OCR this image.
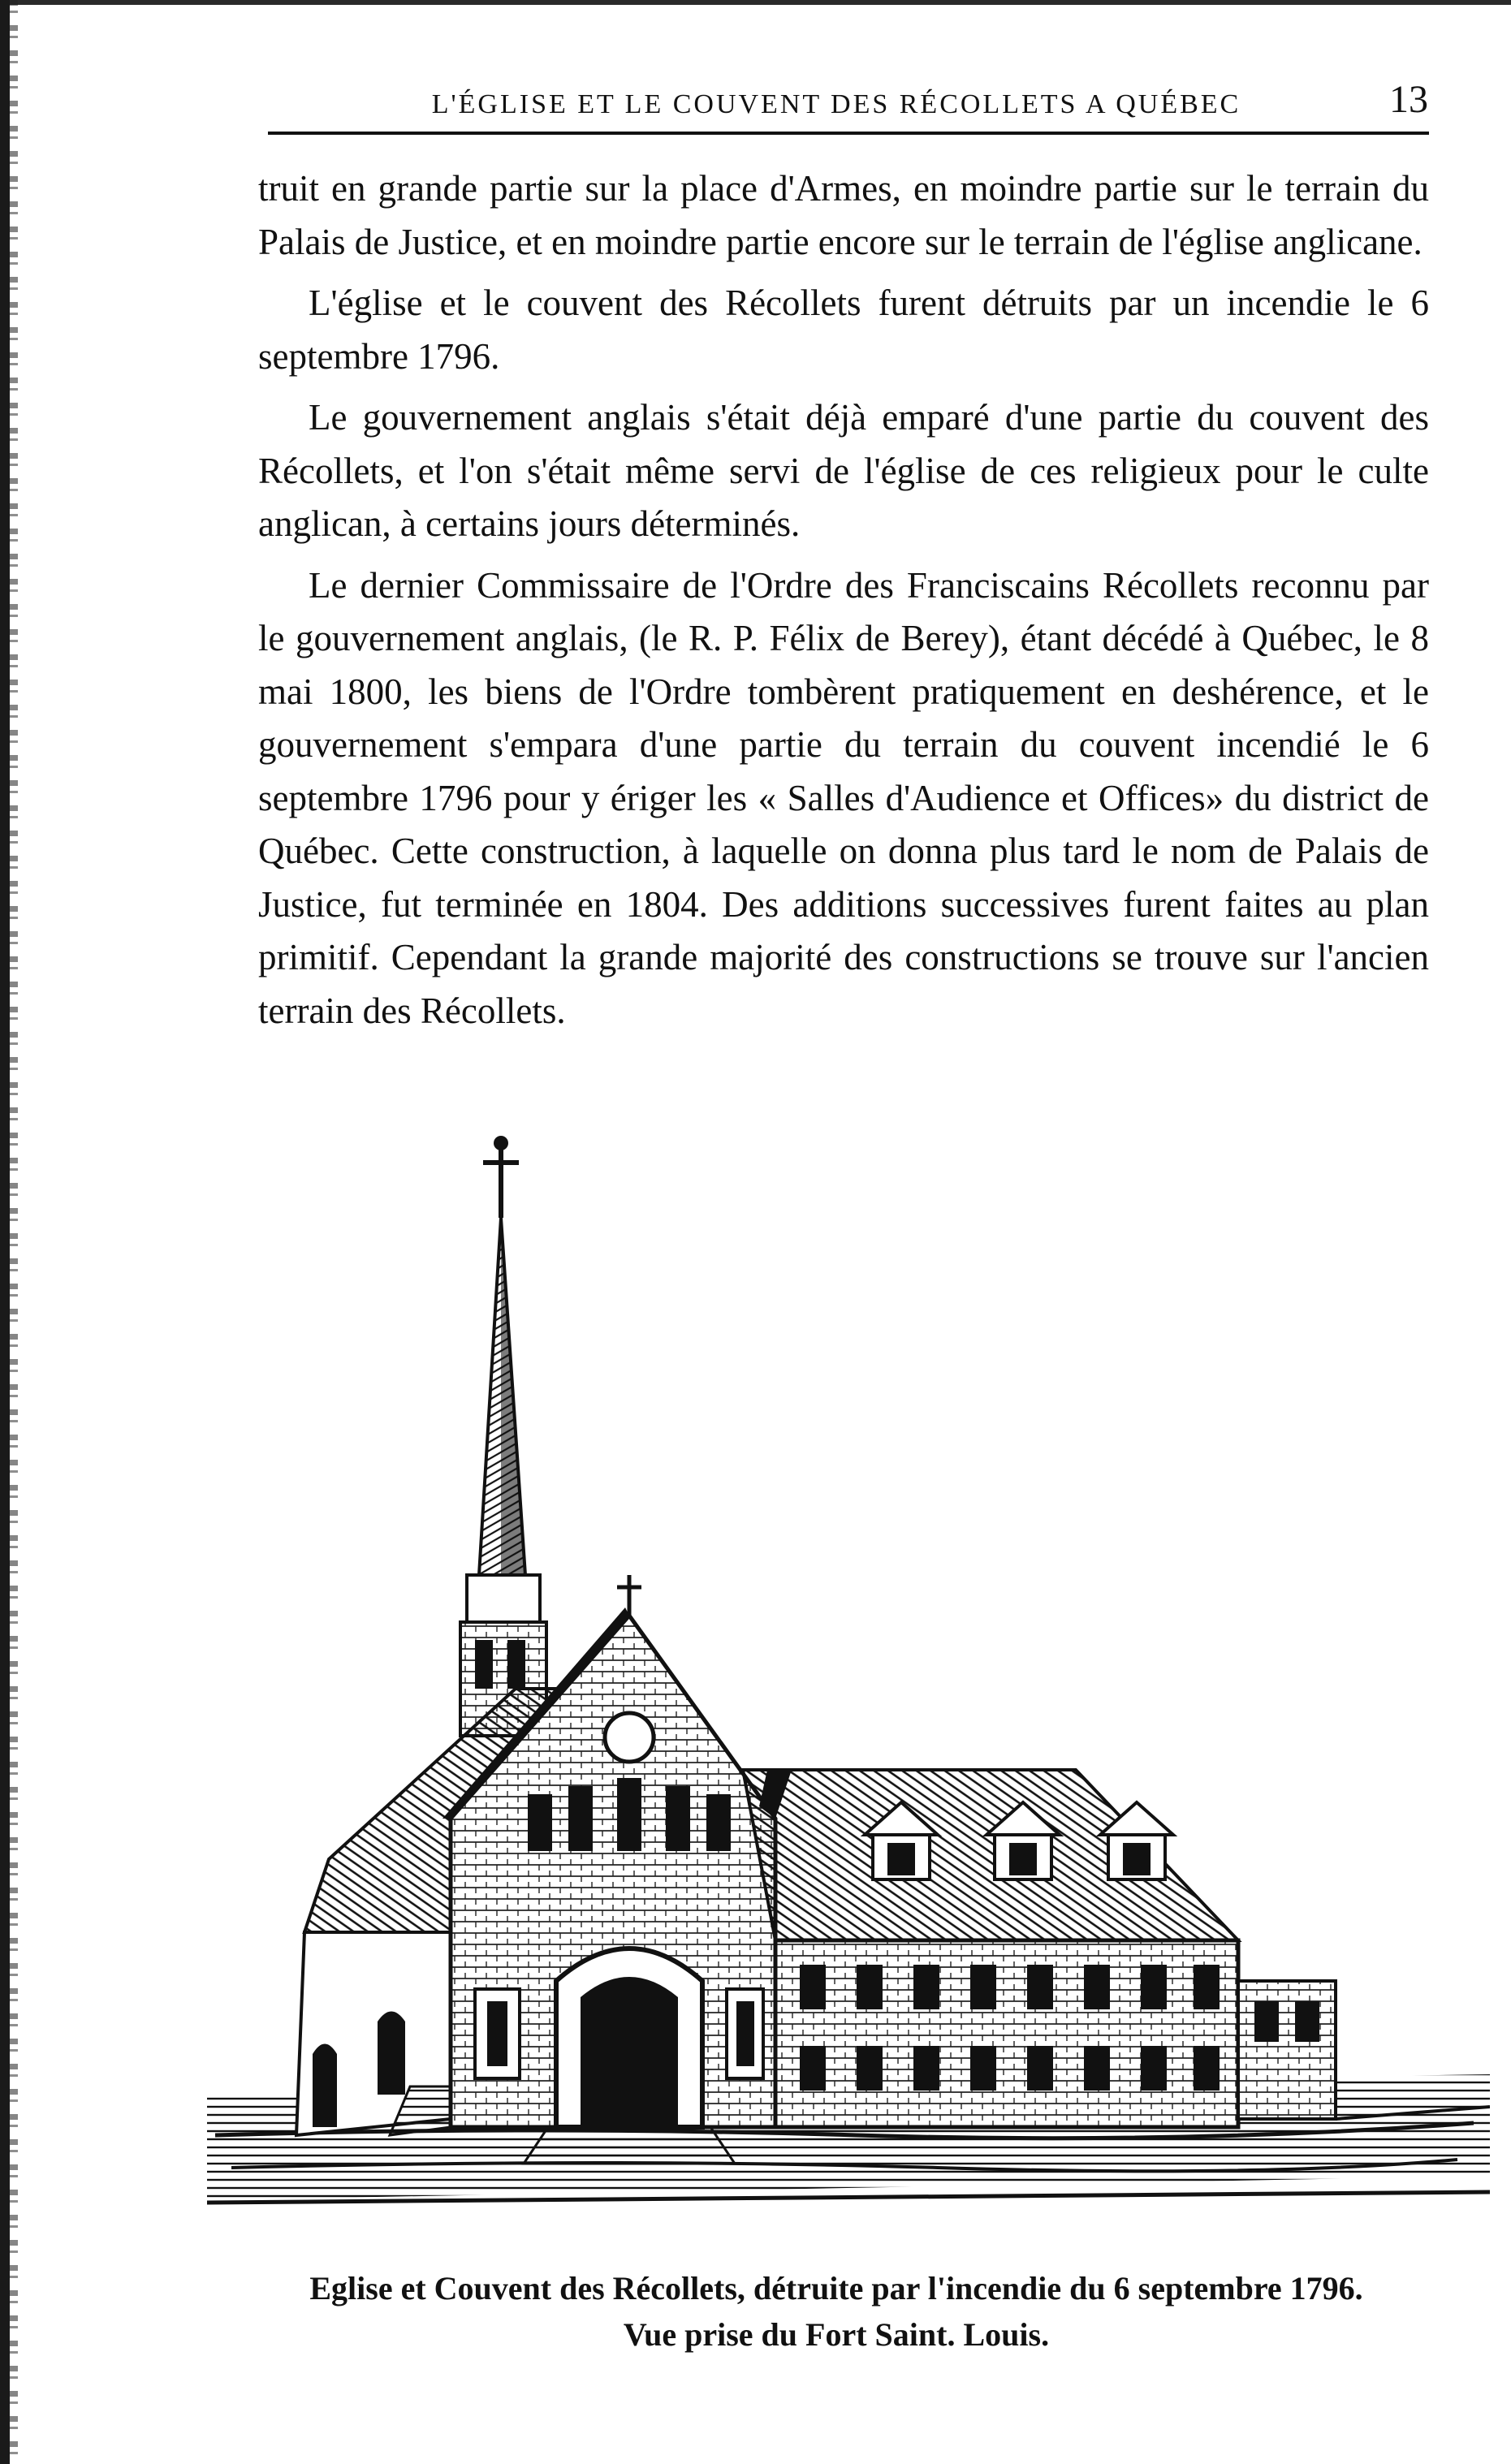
L'ÉGLISE ET LE COUVENT DES RÉCOLLETS A QUÉBEC	13

truit en grande partie sur la place d'Armes, en moindre partie sur le terrain du Palais de Justice, et en moindre partie encore sur le terrain de l'église anglicane.

L'église et le couvent des Récollets furent détruits par un incendie le 6 septembre 1796.

Le gouvernement anglais s'était déjà emparé d'une partie du couvent des Récollets, et l'on s'était même servi de l'église de ces religieux pour le culte anglican, à certains jours déterminés.

Le dernier Commissaire de l'Ordre des Franciscains Récollets reconnu par le gouvernement anglais, (le R. P. Félix de Berey), étant décédé à Québec, le 8 mai 1800, les biens de l'Ordre tombèrent pratiquement en deshérence, et le gouvernement s'empara d'une partie du terrain du couvent incendié le 6 septembre 1796 pour y ériger les « Salles d'Audience et Offices» du district de Québec. Cette construction, à laquelle on donna plus tard le nom de Palais de Justice, fut terminée en 1804. Des additions successives furent faites au plan primitif. Cependant la grande majorité des constructions se trouve sur l'ancien terrain des Récollets.

Eglise et Couvent des Récollets, détruite par l'incendie du 6 septembre 1796.
Vue prise du Fort Saint. Louis.
